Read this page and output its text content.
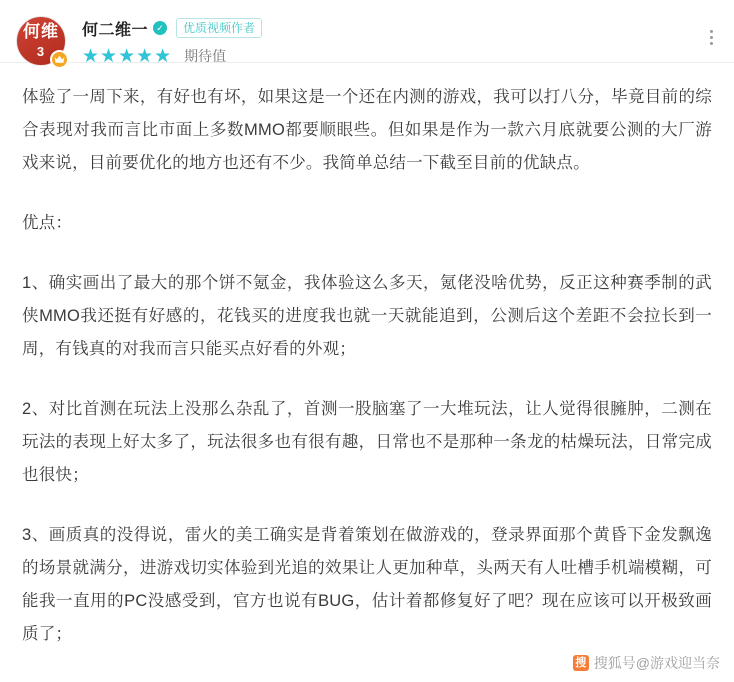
何维
3
何二维一 ✓	优质视频作者
★★★★★ 期待值

体验了一周下来，有好也有坏，如果这是一个还在内测的游戏，我可以打八分，毕竟目前的综合表现对我而言比市面上多数MMO都要顺眼些。但如果是作为一款六月底就要公测的大厂游戏来说，目前要优化的地方也还有不少。我简单总结一下截至目前的优缺点。

优点：

1、确实画出了最大的那个饼不氪金，我体验这么多天，氪佬没啥优势，反正这种赛季制的武侠MMO我还挺有好感的，花钱买的进度我也就一天就能追到，公测后这个差距不会拉长到一周，有钱真的对我而言只能买点好看的外观；

2、对比首测在玩法上没那么杂乱了，首测一股脑塞了一大堆玩法，让人觉得很臃肿，二测在玩法的表现上好太多了，玩法很多也有很有趣，日常也不是那种一条龙的枯燥玩法，日常完成也很快；

3、画质真的没得说，雷火的美工确实是背着策划在做游戏的，登录界面那个黄昏下金发飘逸的场景就满分，进游戏切实体验到光追的效果让人更加种草，头两天有人吐槽手机端模糊，可能我一直用的PC没感受到，官方也说有BUG，估计着都修复好了吧？现在应该可以开极致画质了；

搜 搜狐号@游戏迎当奈
